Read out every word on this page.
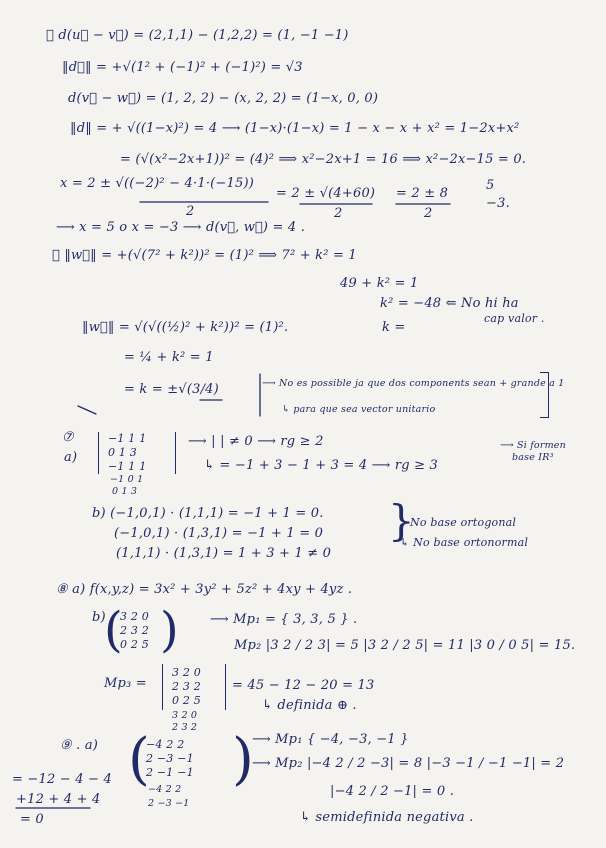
⑤ d(u⃗ − v⃗) = (2,1,1) − (1,2,2) = (1, −1 −1)
‖d⃗‖ = +√(1² + (−1)² + (−1)²) = √3
d(v⃗ − w⃗) = (1, 2, 2) − (x, 2, 2) = (1−x, 0, 0)
‖d‖ = + √((1−x)²) = 4 ⟶ (1−x)·(1−x) = 1 − x − x + x² = 1−2x+x²
= (√(x²−2x+1))² = (4)² ⟹ x²−2x+1 = 16 ⟹ x²−2x−15 = 0.
x = 2 ± √((−2)² − 4·1·(−15))
= 2 ± √(4+60) = 2 ± 8
5
−3.
2	2	2
⟶ x = 5 o x = −3 ⟶ d(v⃗, w⃗) = 4 .
⑥ ‖w⃗‖ = +(√(7² + k²))² = (1)² ⟹ 7² + k² = 1
49 + k² = 1
k² = −48 ⇐ No hi ha
cap valor .
‖w⃗‖ = √(√((½)² + k²))² = (1)².	k =
= ¼ + k² = 1
= k = ±√(3/4)	⟶ No es possible ja que dos components sean + grande a 1
↳ para que sea vector unitario
⑦
a)
−1 1 1
0 1 3
−1 1 1
−1 0 1
0 1 3
⟶ | | ≠ 0 ⟶ rg ≥ 2
↳ = −1 + 3 − 1 + 3 = 4 ⟶ rg ≥ 3
⟶ Si formen
base IR³
b) (−1,0,1) · (1,1,1) = −1 + 1 = 0.
(−1,0,1) · (1,3,1) = −1 + 1 = 0
(1,1,1) · (1,3,1) = 1 + 3 + 1 ≠ 0
}
No base ortogonal
↳ No base ortonormal
⑧ a) f(x,y,z) = 3x² + 3y² + 5z² + 4xy + 4yz .
b)
(
3 2 0
2 3 2
0 2 5 ) ⟶ Mp₁ = { 3, 3, 5 } .
Mp₂ |3 2 / 2 3| = 5 |3 2 / 2 5| = 11 |3 0 / 0 5| = 15.
Mp₃ =
3 2 0
2 3 2
0 2 5
3 2 0
2 3 2
= 45 − 12 − 20 = 13
↳ definida ⊕ .
⑨ . a) (
−4 2 2
2 −3 −1
2 −1 −1
−4 2 2
2 −3 −1
)
⟶ Mp₁ { −4, −3, −1 }
⟶ Mp₂ |−4 2 / 2 −3| = 8 |−3 −1 / −1 −1| = 2
|−4 2 / 2 −1| = 0 .
↳ semidefinida negativa .
= −12 − 4 − 4
+12 + 4 + 4
= 0
